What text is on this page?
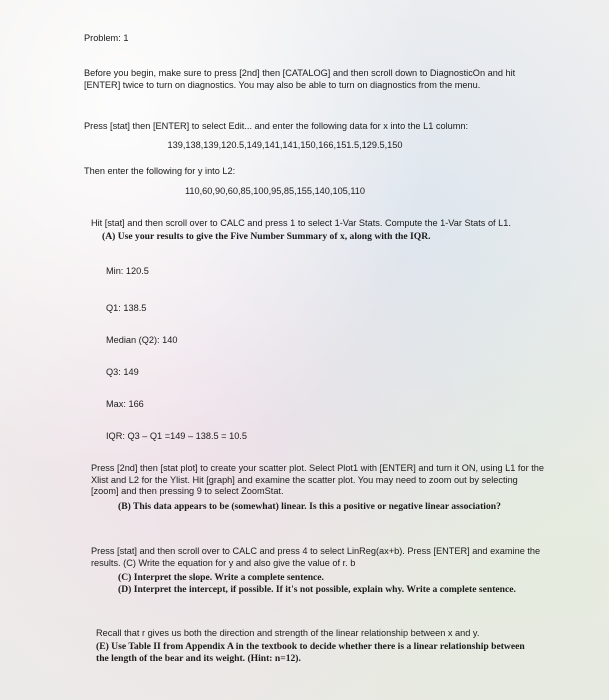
Problem: 1
Before you begin, make sure to press [2nd] then [CATALOG] and then scroll down to DiagnosticOn and hit [ENTER] twice to turn on diagnostics. You may also be able to turn on diagnostics from the menu.
Press [stat] then [ENTER] to select Edit... and enter the following data for x into the L1 column:
139,138,139,120.5,149,141,141,150,166,151.5,129.5,150
Then enter the following for y into L2:
110,60,90,60,85,100,95,85,155,140,105,110
Hit [stat] and then scroll over to CALC and press 1 to select 1-Var Stats. Compute the 1-Var Stats of L1.
(A) Use your results to give the Five Number Summary of x, along with the IQR.
Min: 120.5
Q1: 138.5
Median (Q2): 140
Q3: 149
Max: 166
IQR: Q3 – Q1 =149 – 138.5 = 10.5
Press [2nd] then [stat plot] to create your scatter plot. Select Plot1 with [ENTER] and turn it ON, using L1 for the Xlist and L2 for the Ylist. Hit [graph] and examine the scatter plot. You may need to zoom out by selecting [zoom] and then pressing 9 to select ZoomStat.
(B) This data appears to be (somewhat) linear. Is this a positive or negative linear association?
Press [stat] and then scroll over to CALC and press 4 to select LinReg(ax+b). Press [ENTER] and examine the results. (C) Write the equation for y and also give the value of r. b
(C) Interpret the slope. Write a complete sentence.
(D) Interpret the intercept, if possible. If it's not possible, explain why. Write a complete sentence.
Recall that r gives us both the direction and strength of the linear relationship between x and y.
(E) Use Table II from Appendix A in the textbook to decide whether there is a linear relationship between the length of the bear and its weight. (Hint: n=12).
